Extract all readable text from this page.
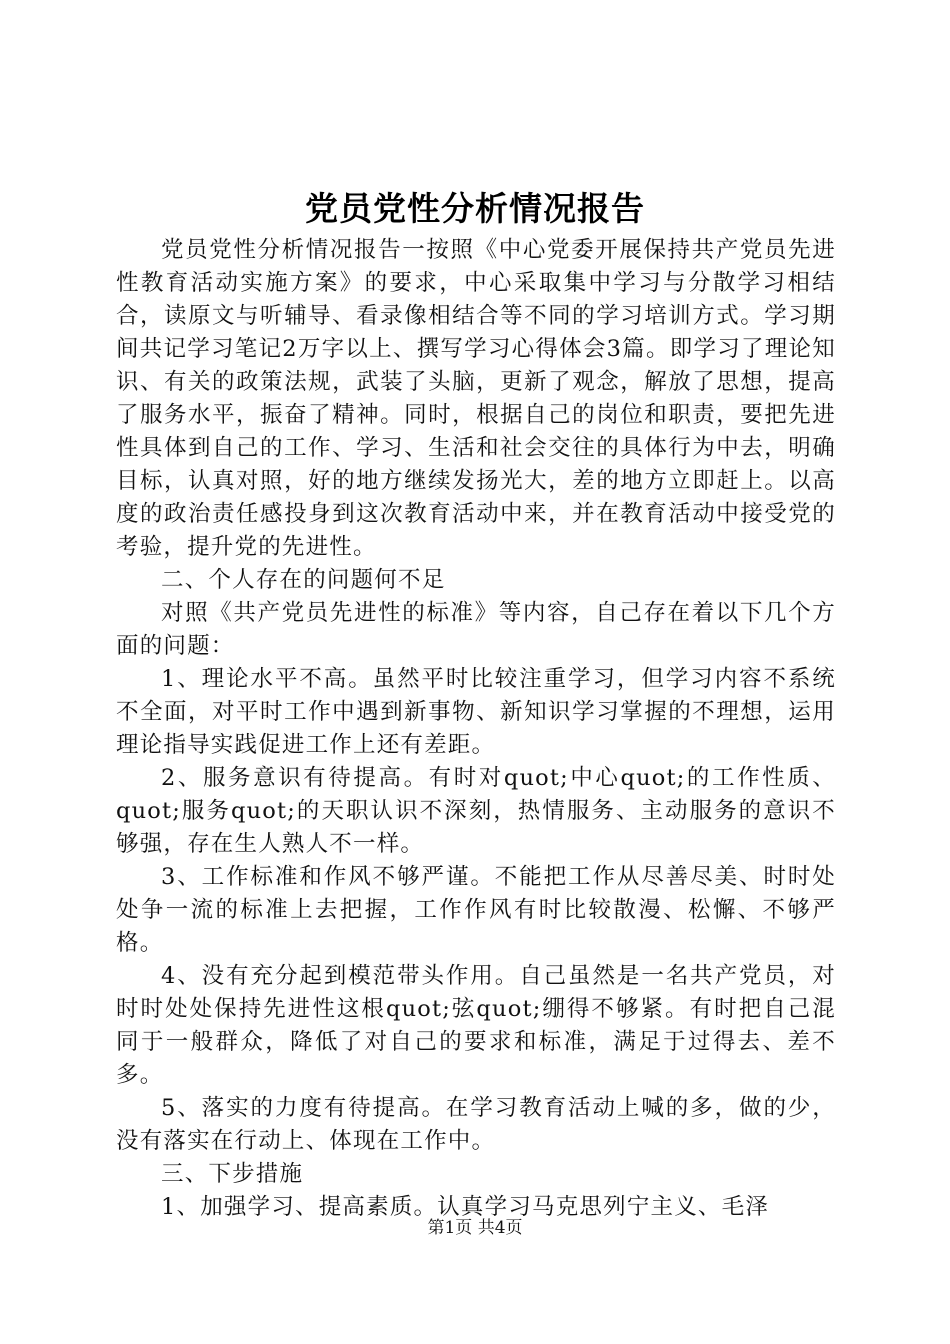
党员党性分析情况报告

党员党性分析情况报告一按照《中心党委开展保持共产党员先进性教育活动实施方案》的要求，中心采取集中学习与分散学习相结合，读原文与听辅导、看录像相结合等不同的学习培训方式。学习期间共记学习笔记2万字以上、撰写学习心得体会3篇。即学习了理论知识、有关的政策法规，武装了头脑，更新了观念，解放了思想，提高了服务水平，振奋了精神。同时，根据自己的岗位和职责，要把先进性具体到自己的工作、学习、生活和社会交往的具体行为中去，明确目标，认真对照，好的地方继续发扬光大，差的地方立即赶上。以高度的政治责任感投身到这次教育活动中来，并在教育活动中接受党的考验，提升党的先进性。

二、个人存在的问题何不足

对照《共产党员先进性的标准》等内容，自己存在着以下几个方面的问题：

1、理论水平不高。虽然平时比较注重学习，但学习内容不系统不全面，对平时工作中遇到新事物、新知识学习掌握的不理想，运用理论指导实践促进工作上还有差距。

2、服务意识有待提高。有时对quot;中心quot;的工作性质、quot;服务quot;的天职认识不深刻，热情服务、主动服务的意识不够强，存在生人熟人不一样。

3、工作标准和作风不够严谨。不能把工作从尽善尽美、时时处处争一流的标准上去把握，工作作风有时比较散漫、松懈、不够严格。

4、没有充分起到模范带头作用。自己虽然是一名共产党员，对时时处处保持先进性这根quot;弦quot;绷得不够紧。有时把自己混同于一般群众，降低了对自己的要求和标准，满足于过得去、差不多。

5、落实的力度有待提高。在学习教育活动上喊的多，做的少，没有落实在行动上、体现在工作中。

三、下步措施

1、加强学习、提高素质。认真学习马克思列宁主义、毛泽

第1页 共4页
